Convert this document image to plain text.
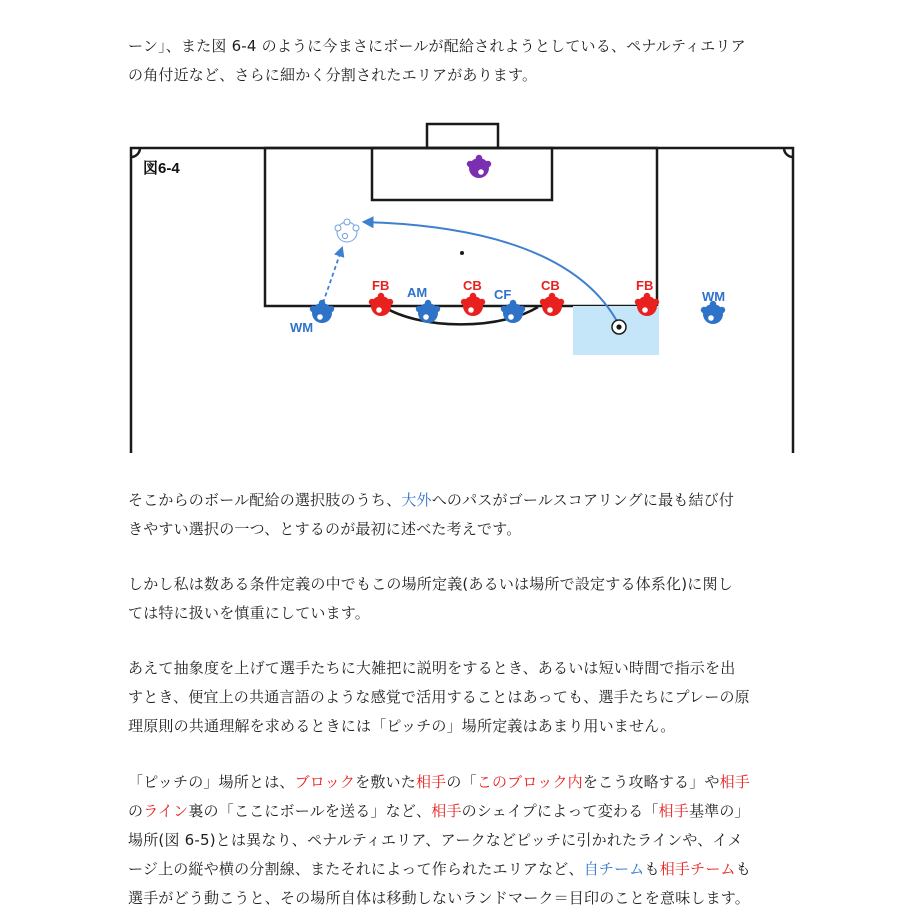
ーン」、また図 6-4 のように今まさにボールが配給されようとしている、ペナルティエリア
の角付近など、さらに細かく分割されたエリアがあります。

図6-4
WM
FB AM	CB
CF
CB	FB
WM

そこからのボール配給の選択肢のうち、大外へのパスがゴールスコアリングに最も結び付
きやすい選択の一つ、とするのが最初に述べた考えです。

しかし私は数ある条件定義の中でもこの場所定義(あるいは場所で設定する体系化)に関し
ては特に扱いを慎重にしています。

あえて抽象度を上げて選手たちに大雑把に説明をするとき、あるいは短い時間で指示を出
すとき、便宜上の共通言語のような感覚で活用することはあっても、選手たちにプレーの原
理原則の共通理解を求めるときには「ピッチの」場所定義はあまり用いません。

「ピッチの」場所とは、ブロックを敷いた相手の「このブロック内をこう攻略する」や相手
のライン裏の「ここにボールを送る」など、相手のシェイプによって変わる「相手基準の」
場所(図 6-5)とは異なり、ペナルティエリア、アークなどピッチに引かれたラインや、イメ
ージ上の縦や横の分割線、またそれによって作られたエリアなど、自チームも相手チームも
選手がどう動こうと、その場所自体は移動しないランドマーク＝目印のことを意味します。
